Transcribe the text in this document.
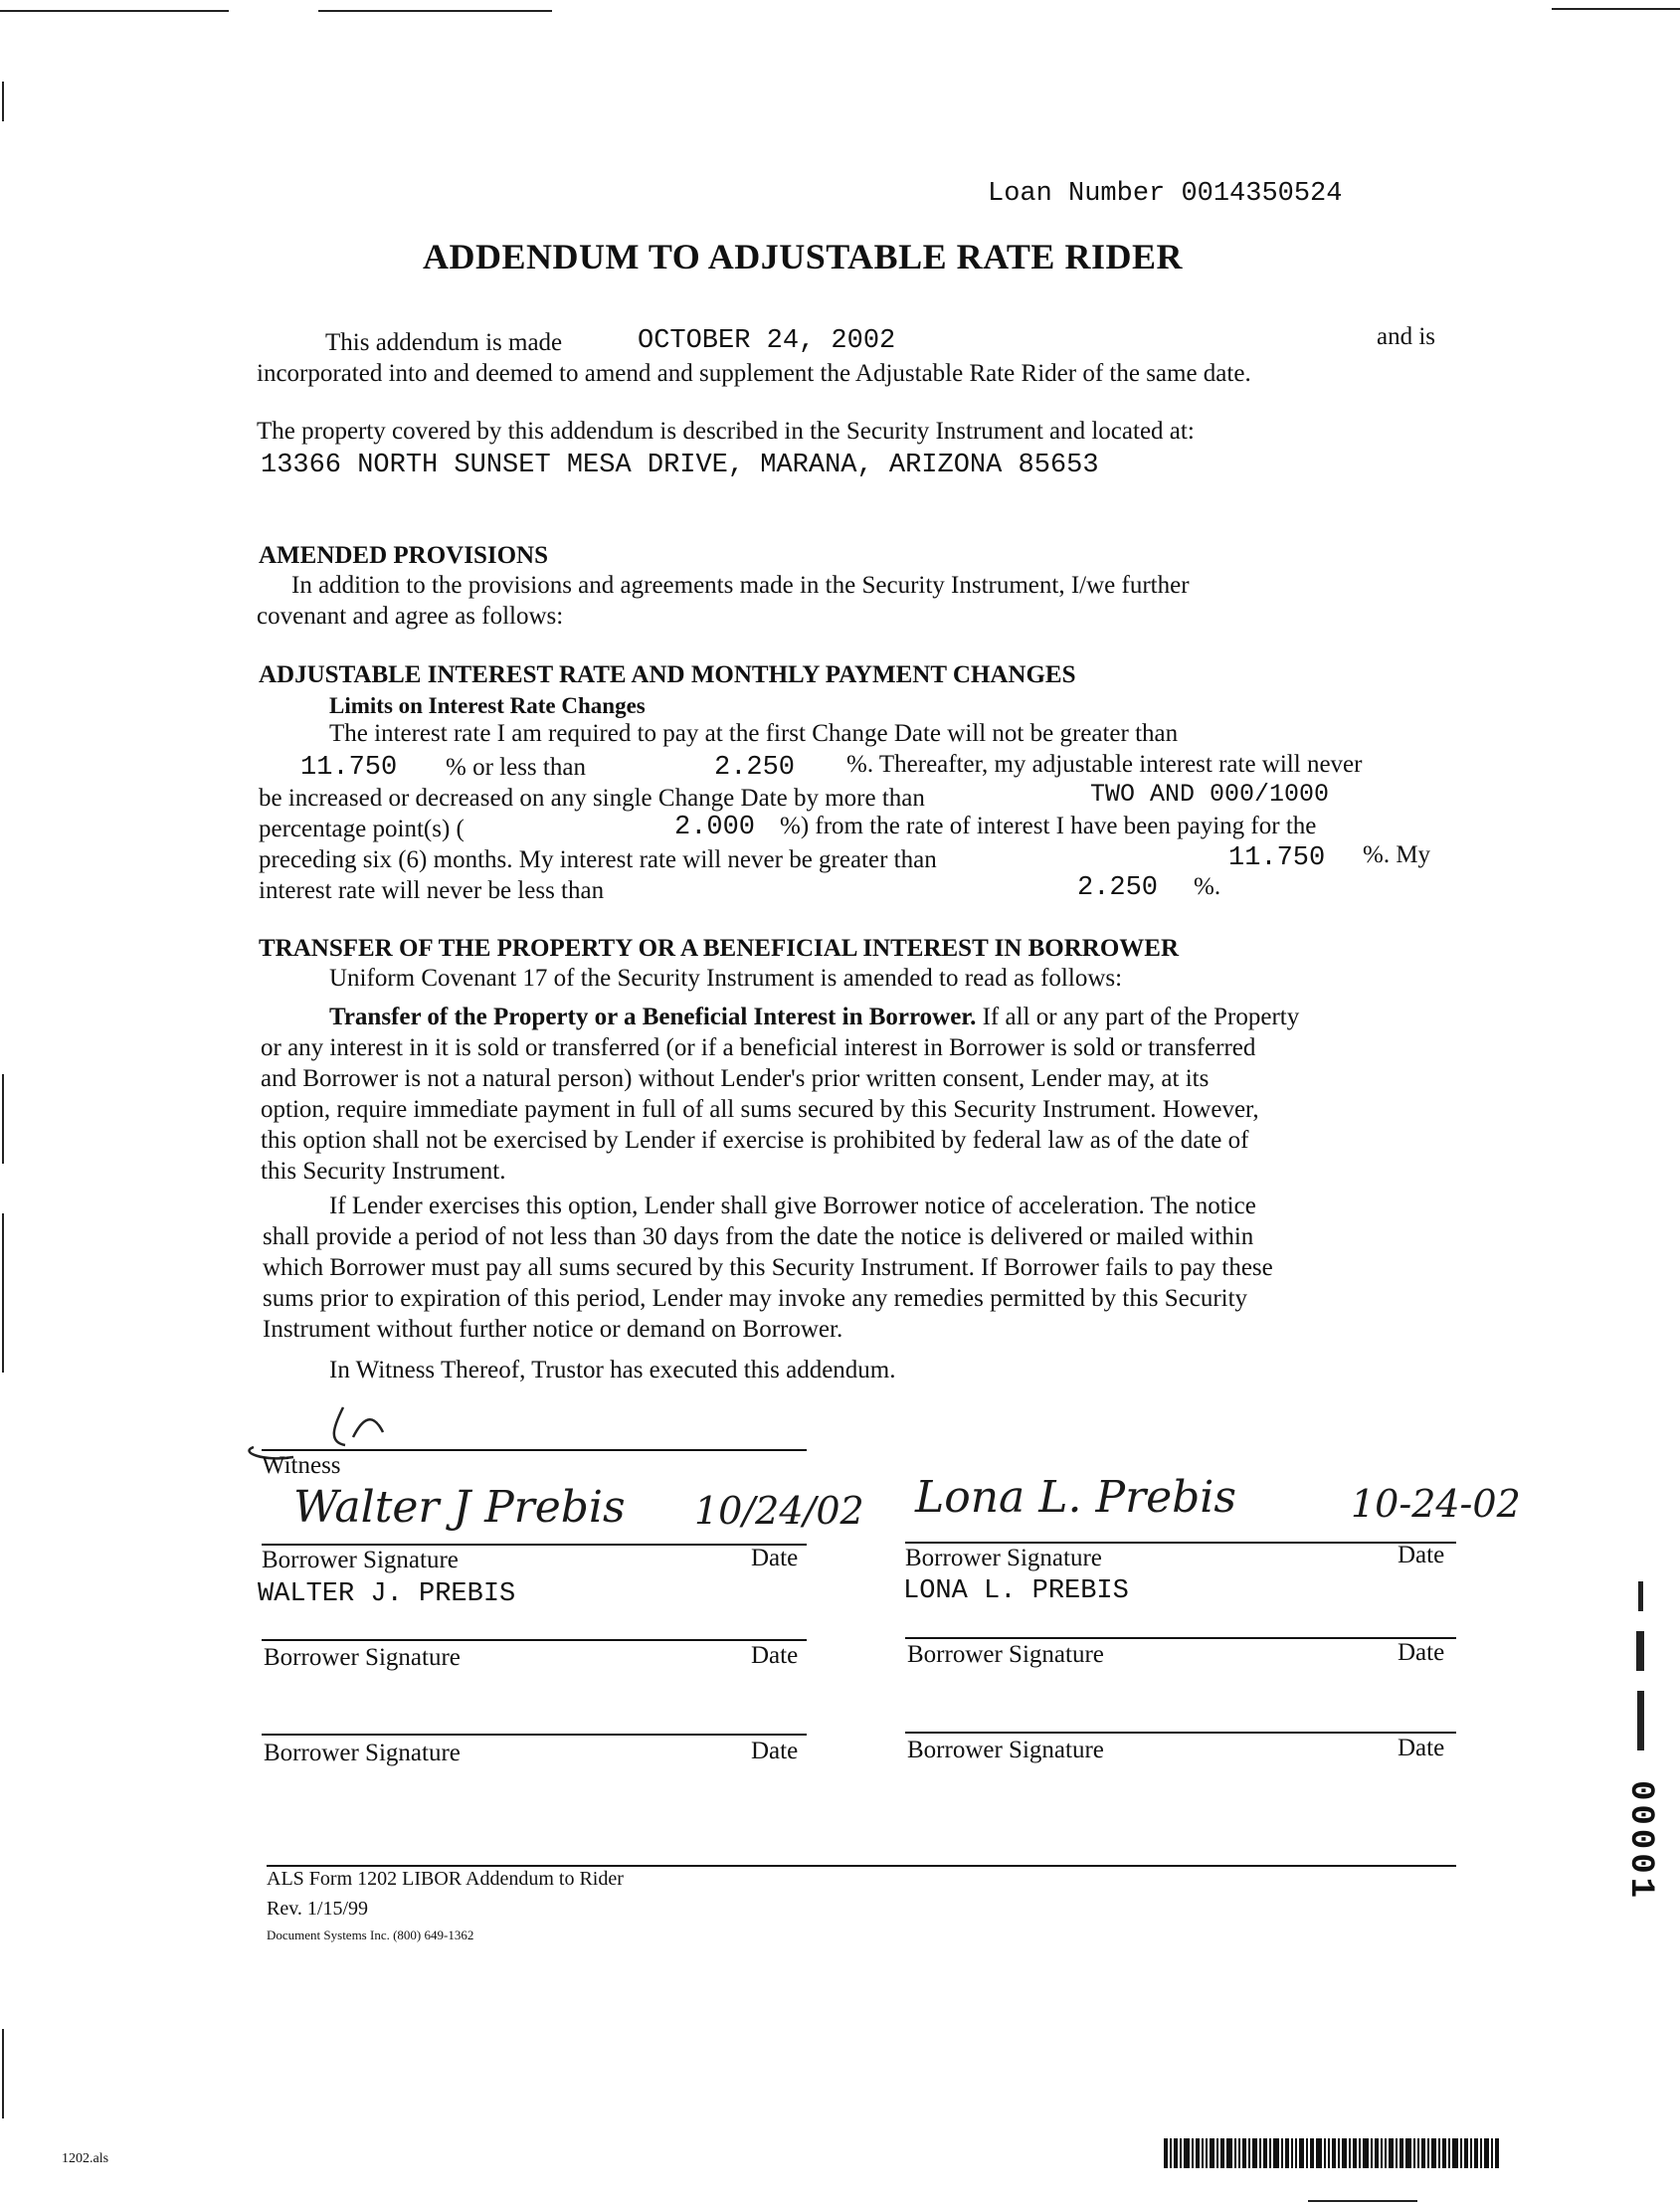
Loan Number 0014350524
ADDENDUM TO ADJUSTABLE RATE RIDER
This addendum is made	OCTOBER 24, 2002	and is
incorporated into and deemed to amend and supplement the Adjustable Rate Rider of the same date.
The property covered by this addendum is described in the Security Instrument and located at:
13366 NORTH SUNSET MESA DRIVE, MARANA, ARIZONA 85653
AMENDED PROVISIONS
In addition to the provisions and agreements made in the Security Instrument, I/we further
covenant and agree as follows:
ADJUSTABLE INTEREST RATE AND MONTHLY PAYMENT CHANGES
Limits on Interest Rate Changes
The interest rate I am required to pay at the first Change Date will not be greater than
11.750 % or less than	2.250 %. Thereafter, my adjustable interest rate will never
be increased or decreased on any single Change Date by more than	TWO AND 000/1000
percentage point(s) (	2.000 %) from the rate of interest I have been paying for the
preceding six (6) months. My interest rate will never be greater than	11.750 %. My
interest rate will never be less than	2.250 %.
TRANSFER OF THE PROPERTY OR A BENEFICIAL INTEREST IN BORROWER
Uniform Covenant 17 of the Security Instrument is amended to read as follows:
Transfer of the Property or a Beneficial Interest in Borrower. If all or any part of the Property
or any interest in it is sold or transferred (or if a beneficial interest in Borrower is sold or transferred
and Borrower is not a natural person) without Lender's prior written consent, Lender may, at its
option, require immediate payment in full of all sums secured by this Security Instrument. However,
this option shall not be exercised by Lender if exercise is prohibited by federal law as of the date of
this Security Instrument.
If Lender exercises this option, Lender shall give Borrower notice of acceleration. The notice
shall provide a period of not less than 30 days from the date the notice is delivered or mailed within
which Borrower must pay all sums secured by this Security Instrument. If Borrower fails to pay these
sums prior to expiration of this period, Lender may invoke any remedies permitted by this Security
Instrument without further notice or demand on Borrower.
In Witness Thereof, Trustor has executed this addendum.
Witness
Walter J Prebis 10/24/02
Borrower Signature	Date
WALTER J. PREBIS
Lona L. Prebis	10-24-02
Borrower Signature	Date
LONA L. PREBIS
Borrower Signature	Date	Borrower Signature	Date
Borrower Signature	Date	Borrower Signature	Date
ALS Form 1202 LIBOR Addendum to Rider
Rev. 1/15/99
Document Systems Inc. (800) 649-1362
1202.als
00001
